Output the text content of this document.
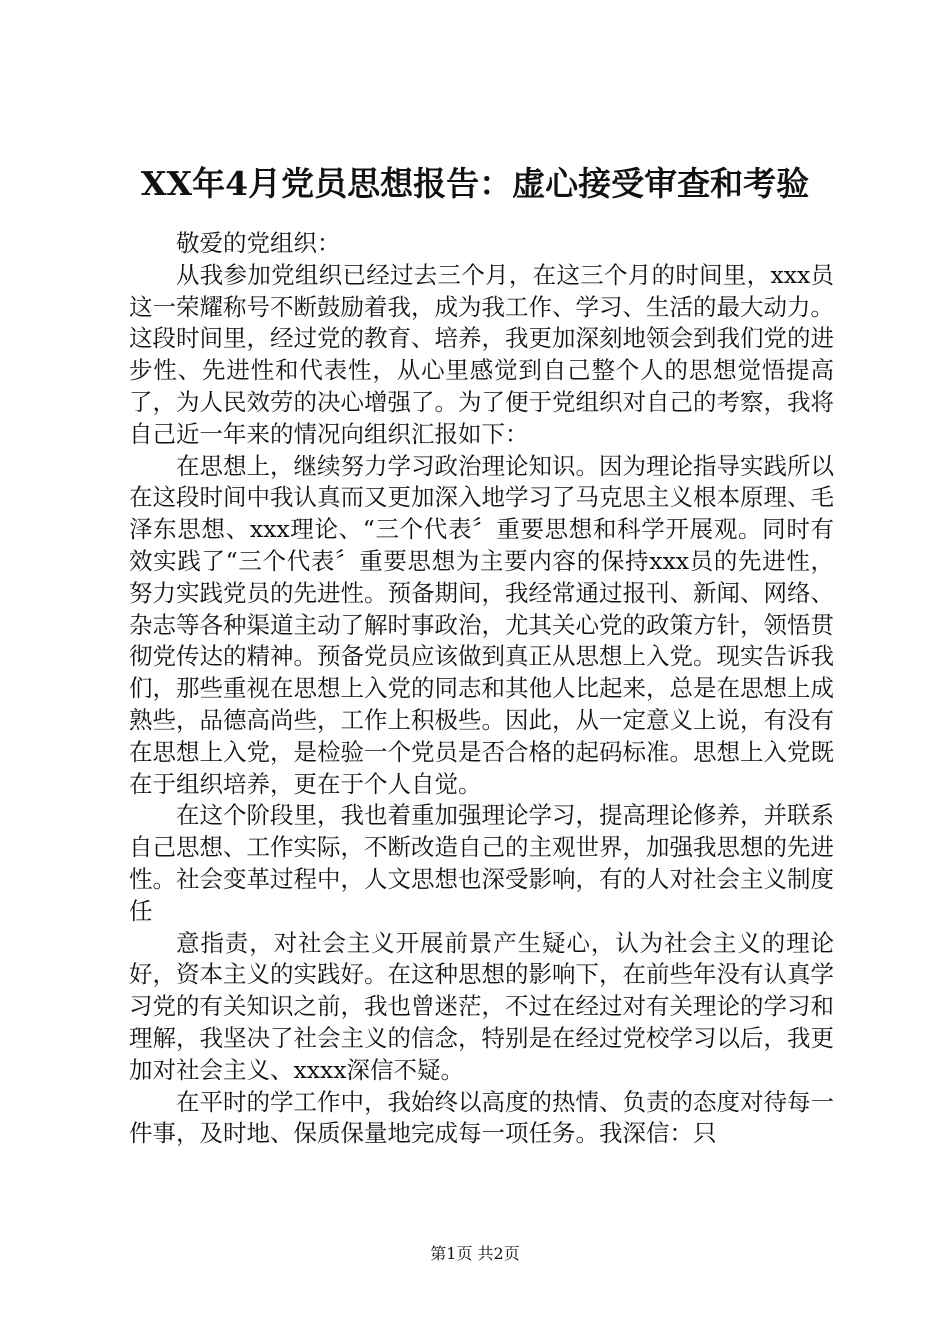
XX年4月党员思想报告：虚心接受审查和考验

敬爱的党组织：

从我参加党组织已经过去三个月，在这三个月的时间里，xxx员这一荣耀称号不断鼓励着我，成为我工作、学习、生活的最大动力。这段时间里，经过党的教育、培养，我更加深刻地领会到我们党的进步性、先进性和代表性，从心里感觉到自己整个人的思想觉悟提高了，为人民效劳的决心增强了。为了便于党组织对自己的考察，我将自己近一年来的情况向组织汇报如下：

在思想上，继续努力学习政治理论知识。因为理论指导实践所以在这段时间中我认真而又更加深入地学习了马克思主义根本原理、毛泽东思想、xxx理论、“三个代表〞重要思想和科学开展观。同时有效实践了“三个代表〞重要思想为主要内容的保持xxx员的先进性，努力实践党员的先进性。预备期间，我经常通过报刊、新闻、网络、杂志等各种渠道主动了解时事政治，尤其关心党的政策方针，领悟贯彻党传达的精神。预备党员应该做到真正从思想上入党。现实告诉我们，那些重视在思想上入党的同志和其他人比起来，总是在思想上成熟些，品德高尚些，工作上积极些。因此，从一定意义上说，有没有在思想上入党，是检验一个党员是否合格的起码标准。思想上入党既在于组织培养，更在于个人自觉。

在这个阶段里，我也着重加强理论学习，提高理论修养，并联系自己思想、工作实际，不断改造自己的主观世界，加强我思想的先进性。社会变革过程中，人文思想也深受影响，有的人对社会主义制度任

意指责，对社会主义开展前景产生疑心，认为社会主义的理论好，资本主义的实践好。在这种思想的影响下，在前些年没有认真学习党的有关知识之前，我也曾迷茫，不过在经过对有关理论的学习和理解，我坚决了社会主义的信念，特别是在经过党校学习以后，我更加对社会主义、xxxx深信不疑。

在平时的学工作中，我始终以高度的热情、负责的态度对待每一件事，及时地、保质保量地完成每一项任务。我深信：只

第1页 共2页
